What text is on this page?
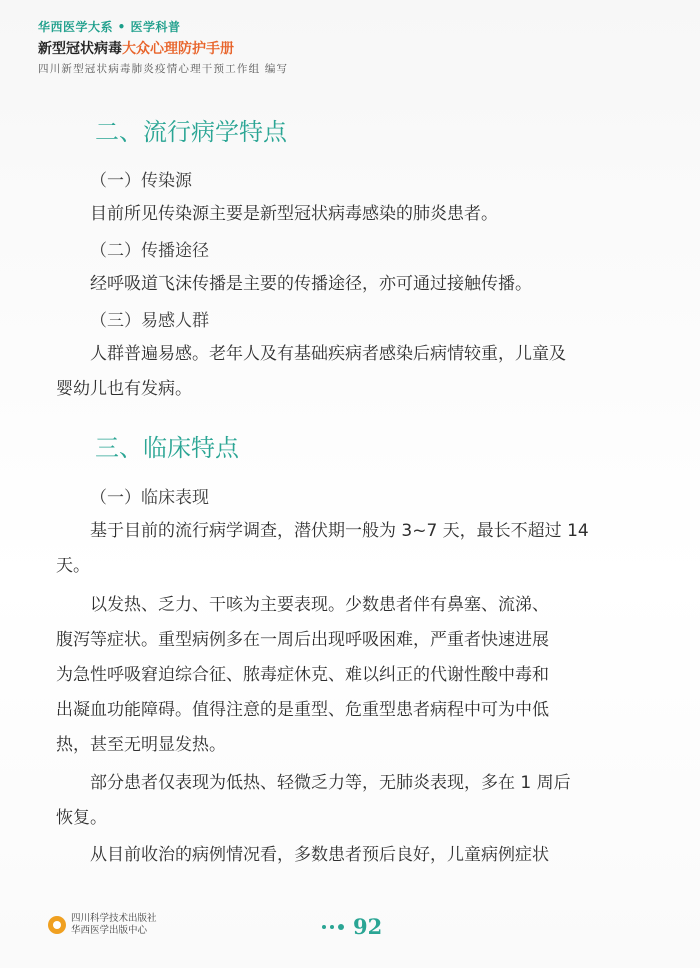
华西医学大系 • 医学科普
新型冠状病毒大众心理防护手册
四川新型冠状病毒肺炎疫情心理干预工作组 编写
二、流行病学特点
（一）传染源
目前所见传染源主要是新型冠状病毒感染的肺炎患者。
（二）传播途径
经呼吸道飞沫传播是主要的传播途径，亦可通过接触传播。
（三）易感人群
人群普遍易感。老年人及有基础疾病者感染后病情较重，儿童及
婴幼儿也有发病。
三、临床特点
（一）临床表现
基于目前的流行病学调查，潜伏期一般为 3~7 天，最长不超过 14
天。
以发热、乏力、干咳为主要表现。少数患者伴有鼻塞、流涕、
腹泻等症状。重型病例多在一周后出现呼吸困难，严重者快速进展
为急性呼吸窘迫综合征、脓毒症休克、难以纠正的代谢性酸中毒和
出凝血功能障碍。值得注意的是重型、危重型患者病程中可为中低
热，甚至无明显发热。
部分患者仅表现为低热、轻微乏力等，无肺炎表现，多在 1 周后
恢复。
从目前收治的病例情况看，多数患者预后良好，儿童病例症状
四川科学技术出版社
华西医学出版中心	92
